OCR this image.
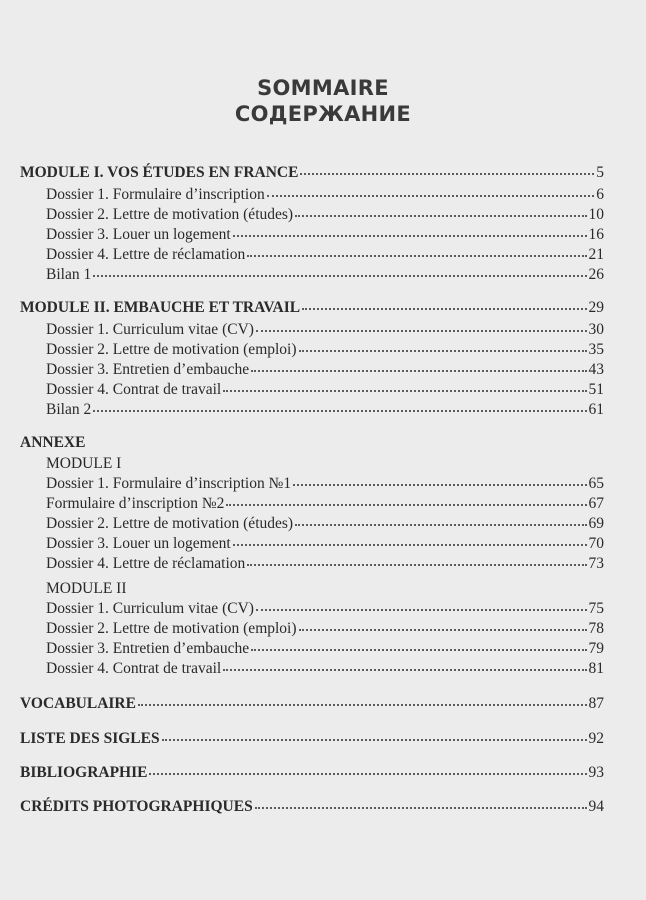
SOMMAIRE
СОДЕРЖАНИЕ
MODULE I. VOS ÉTUDES EN FRANCE	5
Dossier 1. Formulaire d’inscription	6
Dossier 2. Lettre de motivation (études)	10
Dossier 3. Louer un logement	16
Dossier 4. Lettre de réclamation	21
Bilan 1	26
MODULE II. EMBAUCHE ET TRAVAIL	29
Dossier 1. Curriculum vitae (CV)	30
Dossier 2. Lettre de motivation (emploi)	35
Dossier 3. Entretien d’embauche	43
Dossier 4. Contrat de travail	51
Bilan 2	61
ANNEXE
MODULE I
Dossier 1. Formulaire d’inscription №1	65
Formulaire d’inscription №2	67
Dossier 2. Lettre de motivation (études)	69
Dossier 3. Louer un logement	70
Dossier 4. Lettre de réclamation	73
MODULE II
Dossier 1. Curriculum vitae (CV)	75
Dossier 2. Lettre de motivation (emploi)	78
Dossier 3. Entretien d’embauche	79
Dossier 4. Contrat de travail	81
VOCABULAIRE	87
LISTE DES SIGLES	92
BIBLIOGRAPHIE	93
CRÉDITS PHOTOGRAPHIQUES	94
